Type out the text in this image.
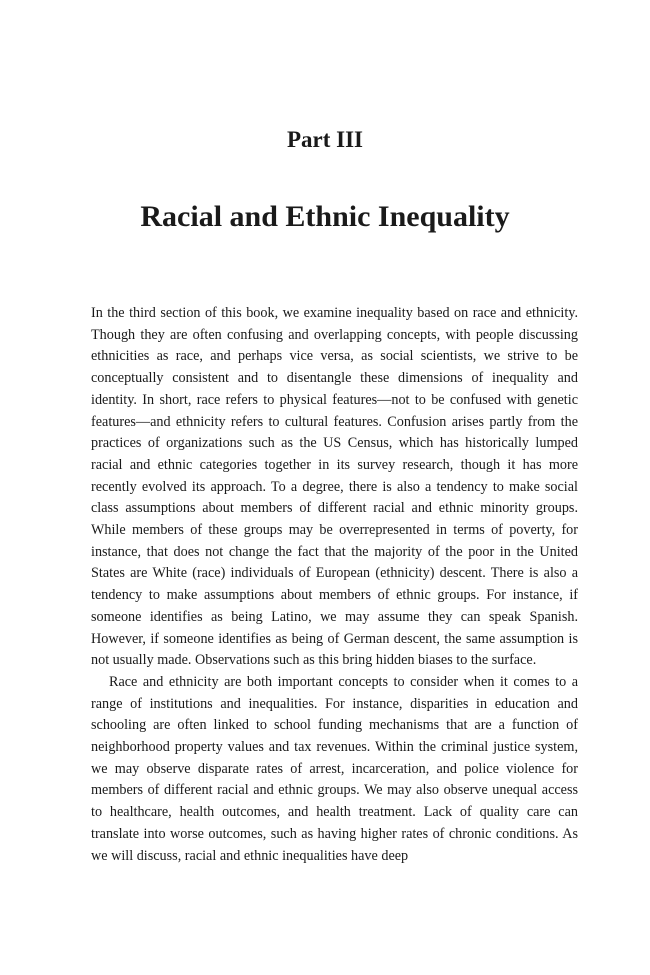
Part III
Racial and Ethnic Inequality

In the third section of this book, we examine inequality based on race and ethnicity. Though they are often confusing and overlapping concepts, with people discussing ethnicities as race, and perhaps vice versa, as social scientists, we strive to be conceptually consistent and to disentangle these dimensions of inequality and identity. In short, race refers to physical features—not to be confused with genetic features—and ethnicity refers to cultural features. Confusion arises partly from the practices of organizations such as the US Census, which has historically lumped racial and ethnic categories together in its survey research, though it has more recently evolved its approach. To a degree, there is also a tendency to make social class assumptions about members of different racial and ethnic minority groups. While members of these groups may be overrepresented in terms of poverty, for instance, that does not change the fact that the majority of the poor in the United States are White (race) individuals of European (ethnicity) descent. There is also a tendency to make assumptions about members of ethnic groups. For instance, if someone identifies as being Latino, we may assume they can speak Spanish. However, if someone identifies as being of German descent, the same assumption is not usually made. Observations such as this bring hidden biases to the surface.

Race and ethnicity are both important concepts to consider when it comes to a range of institutions and inequalities. For instance, disparities in education and schooling are often linked to school funding mechanisms that are a function of neighborhood property values and tax revenues. Within the criminal justice system, we may observe disparate rates of arrest, incarceration, and police violence for members of different racial and ethnic groups. We may also observe unequal access to healthcare, health outcomes, and health treatment. Lack of quality care can translate into worse outcomes, such as having higher rates of chronic conditions. As we will discuss, racial and ethnic inequalities have deep
